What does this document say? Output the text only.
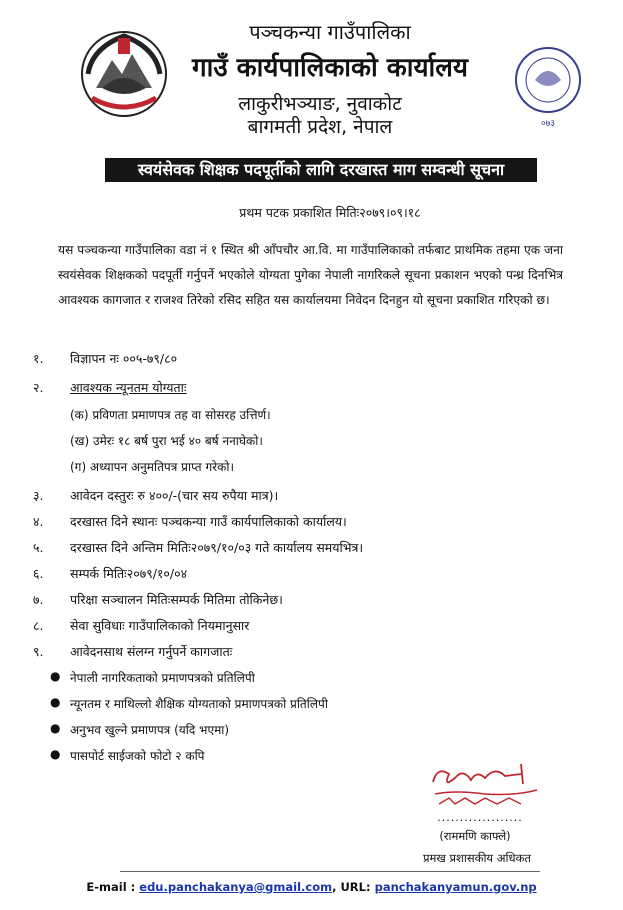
पञ्चकन्या गाउँपालिका
गाउँ कार्यपालिकाको कार्यालय
लाकुरीभञ्याङ, नुवाकोट
बागमती प्रदेश, नेपाल	०७३
स्वयंसेवक शिक्षक पदपूर्तीको लागि दरखास्त माग सम्वन्धी सूचना
प्रथम पटक प्रकाशित मितिः२०७९।०९।१८
यस पञ्चकन्या गाउँपालिका वडा नं १ स्थित श्री आँपचौर आ.वि. मा गाउँपालिकाको तर्फबाट प्राथमिक तहमा एक जना स्वयंसेवक शिक्षकको पदपूर्ती गर्नुपर्ने भएकोले योग्यता पुगेका नेपाली नागरिकले सूचना प्रकाशन भएको पन्ध्र दिनभित्र आवश्यक कागजात र राजश्व तिरेको रसिद सहित यस कार्यालयमा निवेदन दिनहुन यो सूचना प्रकाशित गरिएको छ।
१.	विज्ञापन नः ००५-७९/८०
२.	आवश्यक न्यूनतम योग्यताः
(क) प्रविणता प्रमाणपत्र तह वा सोसरह उत्तिर्ण।
(ख) उमेरः १८ बर्ष पुरा भई ४० बर्ष ननाघेको।
(ग) अध्यापन अनुमतिपत्र प्राप्त गरेको।
३.	आवेदन दस्तुरः रु ४००/-(चार सय रुपैया मात्र)।
४.	दरखास्त दिने स्थानः पञ्चकन्या गाउँ कार्यपालिकाको कार्यालय।
५.	दरखास्त दिने अन्तिम मितिः२०७९/१०/०३ गते कार्यालय समयभित्र।
६.	सम्पर्क मितिः२०७९/१०/०४
७.	परिक्षा सञ्चालन मितिःसम्पर्क मितिमा तोकिनेछ।
८.	सेवा सुविधाः गाउँपालिकाको नियमानुसार
९.	आवेदनसाथ संलग्न गर्नुपर्ने कागजातः
● नेपाली नागरिकताको प्रमाणपत्रको प्रतिलिपी
● न्यूनतम र माथिल्लो शैक्षिक योग्यताको प्रमाणपत्रको प्रतिलिपी
● अनुभव खुल्ने प्रमाणपत्र (यदि भएमा)
● पासपोर्ट साईजको फोटो २ कपि
...................
(राममणि काफ्ले)
प्रमख प्रशासकीय अधिकत
E-mail : edu.panchakanya@gmail.com, URL: panchakanyamun.gov.np
